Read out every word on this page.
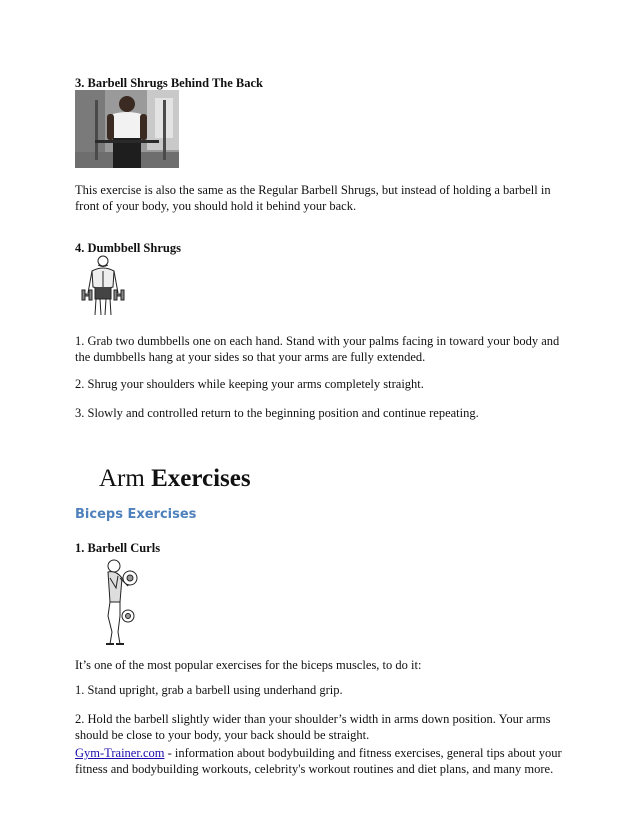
3. Barbell Shrugs Behind The Back
This exercise is also the same as the Regular Barbell Shrugs, but instead of holding a barbell in front of your body, you should hold it behind your back.
4. Dumbbell Shrugs
1. Grab two dumbbells one on each hand. Stand with your palms facing in toward your body and the dumbbells hang at your sides so that your arms are fully extended.
2. Shrug your shoulders while keeping your arms completely straight.
3. Slowly and controlled return to the beginning position and continue repeating.
Arm Exercises
Biceps Exercises
1. Barbell Curls
It’s one of the most popular exercises for the biceps muscles, to do it:
1. Stand upright, grab a barbell using underhand grip.
2. Hold the barbell slightly wider than your shoulder’s width in arms down position. Your arms should be close to your body, your back should be straight.
Gym-Trainer.com - information about bodybuilding and fitness exercises, general tips about your fitness and bodybuilding workouts, celebrity's workout routines and diet plans, and many more.
